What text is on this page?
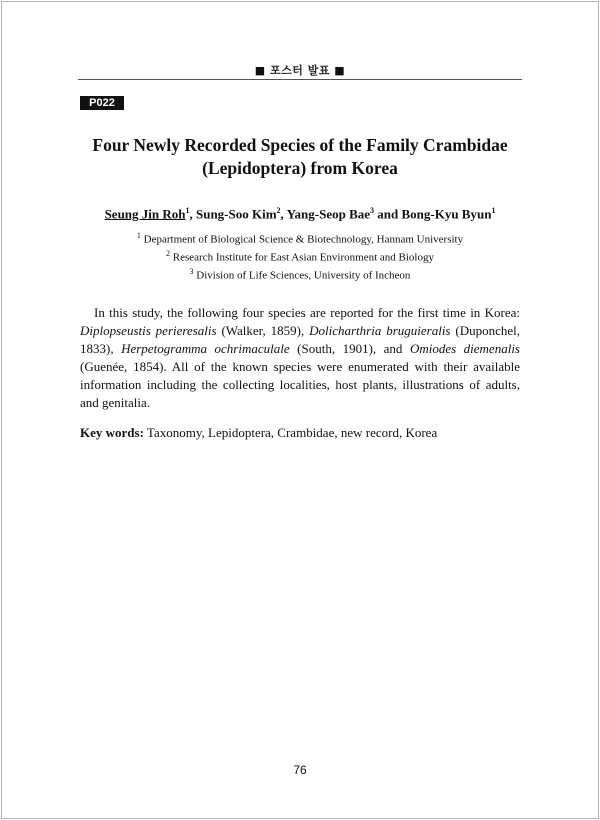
■ 포스터 발표 ■
P022
Four Newly Recorded Species of the Family Crambidae
(Lepidoptera) from Korea
Seung Jin Roh$^1$, Sung-Soo Kim$^2$, Yang-Seop Bae$^3$ and Bong-Kyu Byun$^1$
$^1$ Department of Biological Science & Biotechnology, Hannam University
$^2$ Research Institute for East Asian Environment and Biology
$^3$ Division of Life Sciences, University of Incheon

In this study, the following four species are reported for the first time in Korea: Diplopseustis perieresalis (Walker, 1859), Dolicharthria bruguieralis (Duponchel, 1833), Herpetogramma ochrimaculale (South, 1901), and Omiodes diemenalis (Guenée, 1854). All of the known species were enumerated with their available information including the collecting localities, host plants, illustrations of adults, and genitalia.

Key words: Taxonomy, Lepidoptera, Crambidae, new record, Korea
76
